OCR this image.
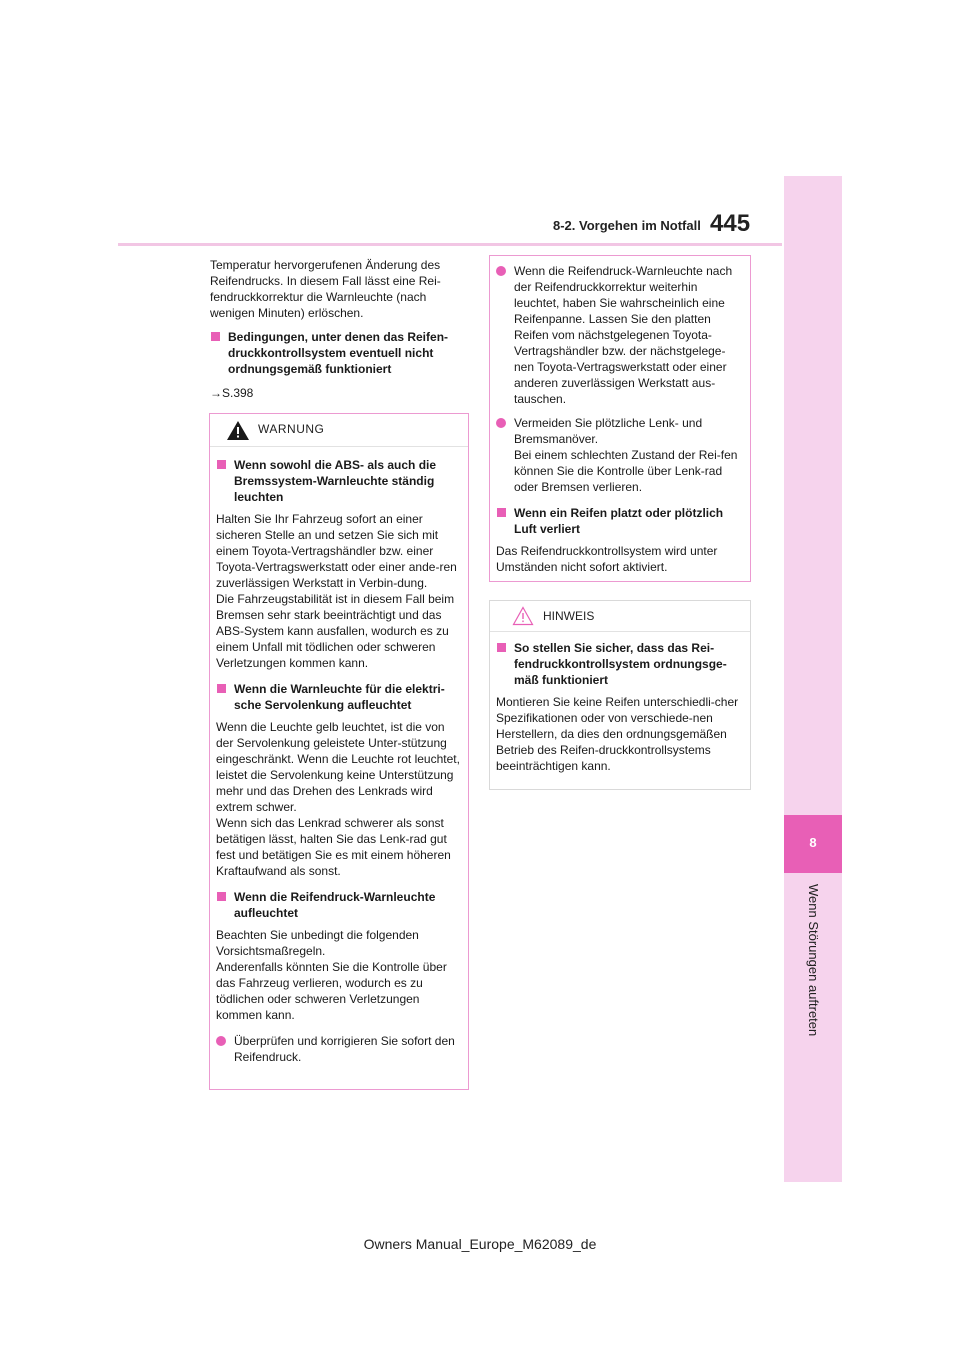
8-2. Vorgehen im Notfall 445
8
Wenn Störungen auftreten

Temperatur hervorgerufenen Änderung des Reifendrucks. In diesem Fall lässt eine Rei-fendruckkorrektur die Warnleuchte (nach wenigen Minuten) erlöschen.

Bedingungen, unter denen das Reifen-druckkontrollsystem eventuell nicht ordnungsgemäß funktioniert

→S.398

WARNUNG
Wenn sowohl die ABS- als auch die Bremssystem-Warnleuchte ständig leuchten

Halten Sie Ihr Fahrzeug sofort an einer sicheren Stelle an und setzen Sie sich mit einem Toyota-Vertragshändler bzw. einer Toyota-Vertragswerkstatt oder einer ande-ren zuverlässigen Werkstatt in Verbin-dung.
Die Fahrzeugstabilität ist in diesem Fall beim Bremsen sehr stark beeinträchtigt und das ABS-System kann ausfallen, wodurch es zu einem Unfall mit tödlichen oder schweren Verletzungen kommen kann.

Wenn die Warnleuchte für die elektri-sche Servolenkung aufleuchtet

Wenn die Leuchte gelb leuchtet, ist die von der Servolenkung geleistete Unter-stützung eingeschränkt. Wenn die Leuchte rot leuchtet, leistet die Servolenkung keine Unterstützung mehr und das Drehen des Lenkrads wird extrem schwer.
Wenn sich das Lenkrad schwerer als sonst betätigen lässt, halten Sie das Lenk-rad gut fest und betätigen Sie es mit einem höheren Kraftaufwand als sonst.

Wenn die Reifendruck-Warnleuchte aufleuchtet

Beachten Sie unbedingt die folgenden Vorsichtsmaßregeln.
Anderenfalls könnten Sie die Kontrolle über das Fahrzeug verlieren, wodurch es zu tödlichen oder schweren Verletzungen kommen kann.

Überprüfen und korrigieren Sie sofort den Reifendruck.
Wenn die Reifendruck-Warnleuchte nach der Reifendruckkorrektur weiterhin leuchtet, haben Sie wahrscheinlich eine Reifenpanne. Lassen Sie den platten Reifen vom nächstgelegenen Toyota-Vertragshändler bzw. der nächstgelege-nen Toyota-Vertragswerkstatt oder einer anderen zuverlässigen Werkstatt aus-tauschen.
Vermeiden Sie plötzliche Lenk- und Bremsmanöver.
Bei einem schlechten Zustand der Rei-fen können Sie die Kontrolle über Lenk-rad oder Bremsen verlieren.
Wenn ein Reifen platzt oder plötzlich Luft verliert

Das Reifendruckkontrollsystem wird unter Umständen nicht sofort aktiviert.

HINWEIS
So stellen Sie sicher, dass das Rei-fendruckkontrollsystem ordnungsge-mäß funktioniert

Montieren Sie keine Reifen unterschiedli-cher Spezifikationen oder von verschiede-nen Herstellern, da dies den ordnungsgemäßen Betrieb des Reifen-druckkontrollsystems beeinträchtigen kann.

Owners Manual_Europe_M62089_de
